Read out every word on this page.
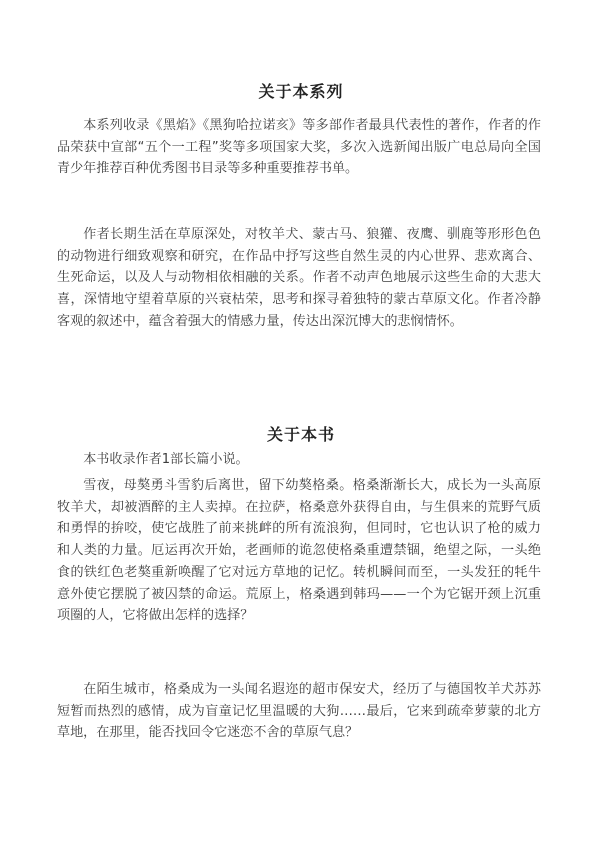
关于本系列

本系列收录《黑焰》《黑狗哈拉诺亥》等多部作者最具代表性的著作，作者的作品荣获中宣部“五个一工程”奖等多项国家大奖，多次入选新闻出版广电总局向全国青少年推荐百种优秀图书目录等多种重要推荐书单。

作者长期生活在草原深处，对牧羊犬、蒙古马、狼獾、夜鹰、驯鹿等形形色色的动物进行细致观察和研究，在作品中抒写这些自然生灵的内心世界、悲欢离合、生死命运，以及人与动物相依相融的关系。作者不动声色地展示这些生命的大悲大喜，深情地守望着草原的兴衰枯荣，思考和探寻着独特的蒙古草原文化。作者冷静客观的叙述中，蕴含着强大的情感力量，传达出深沉博大的悲悯情怀。

关于本书

本书收录作者1部长篇小说。

雪夜，母獒勇斗雪豹后离世，留下幼獒格桑。格桑渐渐长大，成长为一头高原牧羊犬，却被酒醉的主人卖掉。在拉萨，格桑意外获得自由，与生俱来的荒野气质和勇悍的拚咬，使它战胜了前来挑衅的所有流浪狗，但同时，它也认识了枪的威力和人类的力量。厄运再次开始，老画师的诡忽使格桑重遭禁锢，绝望之际，一头绝食的铁红色老獒重新唤醒了它对远方草地的记忆。转机瞬间而至，一头发狂的牦牛意外使它摆脱了被囚禁的命运。荒原上，格桑遇到韩玛——一个为它锯开颈上沉重项圈的人，它将做出怎样的选择？

在陌生城市，格桑成为一头闻名遐迩的超市保安犬，经历了与德国牧羊犬苏苏短暂而热烈的感情，成为盲童记忆里温暖的大狗……最后，它来到疏牵萝蒙的北方草地，在那里，能否找回令它迷恋不舍的草原气息？
